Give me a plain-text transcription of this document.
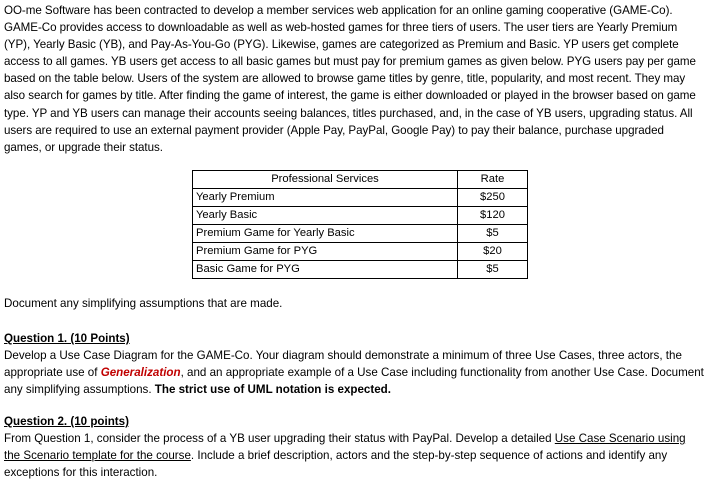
OO-me Software has been contracted to develop a member services web application for an online gaming cooperative (GAME-Co). GAME-Co provides access to downloadable as well as web-hosted games for three tiers of users. The user tiers are Yearly Premium (YP), Yearly Basic (YB), and Pay-As-You-Go (PYG). Likewise, games are categorized as Premium and Basic. YP users get complete access to all games. YB users get access to all basic games but must pay for premium games as given below. PYG users pay per game based on the table below. Users of the system are allowed to browse game titles by genre, title, popularity, and most recent. They may also search for games by title. After finding the game of interest, the game is either downloaded or played in the browser based on game type. YP and YB users can manage their accounts seeing balances, titles purchased, and, in the case of YB users, upgrading status. All users are required to use an external payment provider (Apple Pay, PayPal, Google Pay) to pay their balance, purchase upgraded games, or upgrade their status.

Professional Services	Rate
Yearly Premium	$250
Yearly Basic	$120
Premium Game for Yearly Basic	$5
Premium Game for PYG	$20
Basic Game for PYG	$5

Document any simplifying assumptions that are made.

Question 1. (10 Points)

Develop a Use Case Diagram for the GAME-Co. Your diagram should demonstrate a minimum of three Use Cases, three actors, the appropriate use of Generalization, and an appropriate example of a Use Case including functionality from another Use Case. Document any simplifying assumptions. The strict use of UML notation is expected.

Question 2. (10 points)

From Question 1, consider the process of a YB user upgrading their status with PayPal. Develop a detailed Use Case Scenario using the Scenario template for the course. Include a brief description, actors and the step-by-step sequence of actions and identify any exceptions for this interaction.
